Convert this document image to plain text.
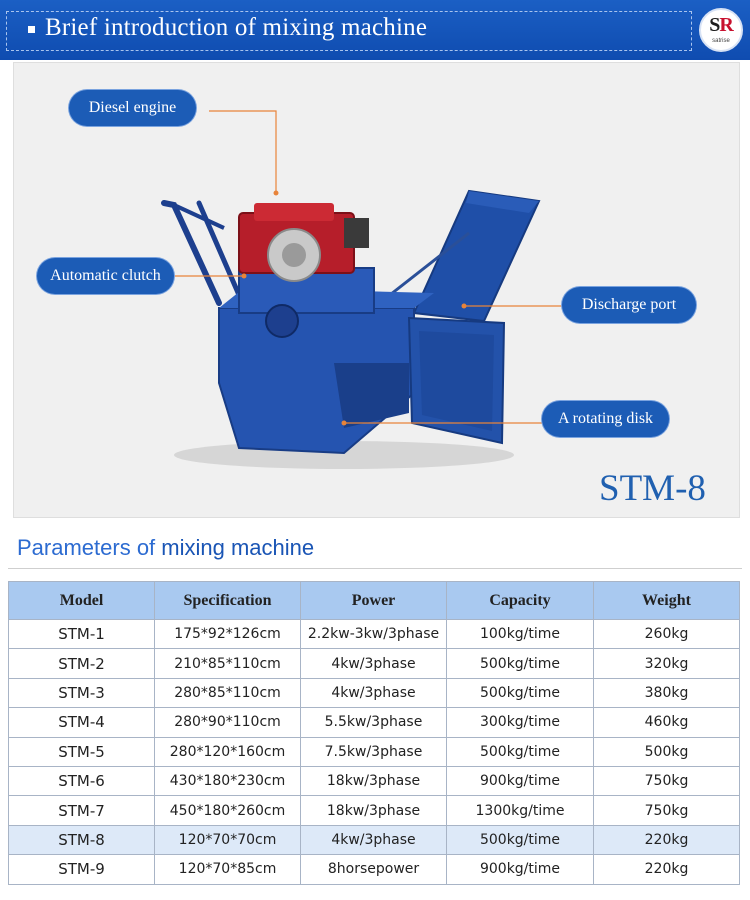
Brief introduction of mixing machine	SR
satrise
Diesel engine
Automatic clutch
Discharge port
A rotating disk
STM-8
Parameters of mixing machine
Model	Specification	Power	Capacity	Weight
STM-1	175*92*126cm	2.2kw-3kw/3phase	100kg/time	260kg
STM-2	210*85*110cm	4kw/3phase	500kg/time	320kg
STM-3	280*85*110cm	4kw/3phase	500kg/time	380kg
STM-4	280*90*110cm	5.5kw/3phase	300kg/time	460kg
STM-5	280*120*160cm	7.5kw/3phase	500kg/time	500kg
STM-6	430*180*230cm	18kw/3phase	900kg/time	750kg
STM-7	450*180*260cm	18kw/3phase	1300kg/time	750kg
STM-8	120*70*70cm	4kw/3phase	500kg/time	220kg
STM-9	120*70*85cm	8horsepower	900kg/time	220kg
